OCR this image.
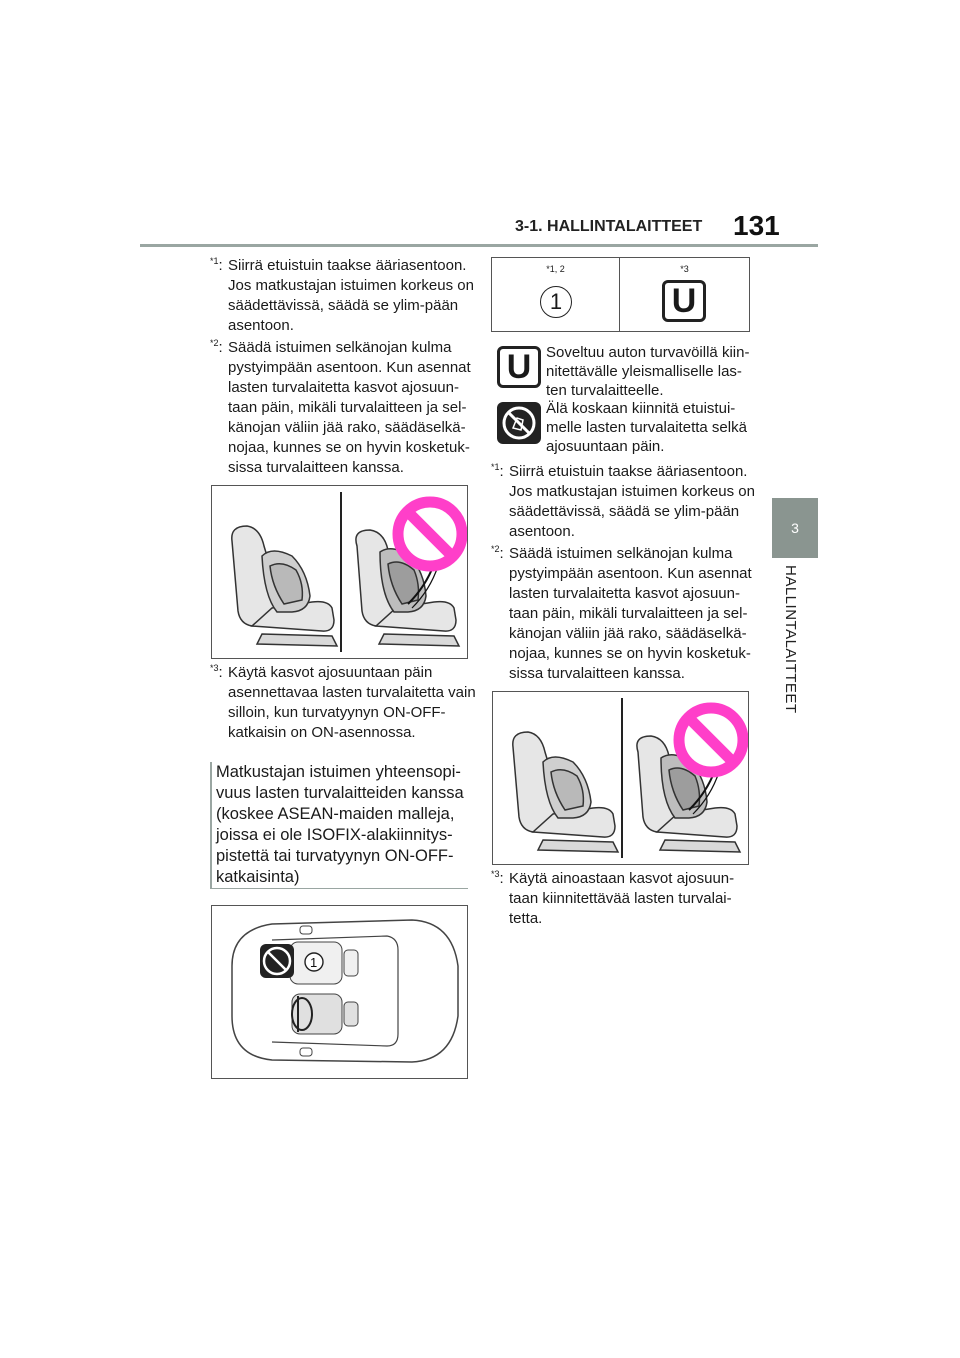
3-1. HALLINTALAITTEET 131
3
HALLINTALAITTEET
$^{*1}$: Siirrä etuistuin taakse ääriasentoon. Jos matkustajan istuimen korkeus on säädettävissä, säädä se ylim-pään asentoon.
$^{*2}$: Säädä istuimen selkänojan kulma pystyimpään asentoon. Kun asennat lasten turvalaitetta kasvot ajosuun-taan päin, mikäli turvalaitteen ja sel-känojan väliin jää rako, säädäselkä-nojaa, kunnes se on hyvin kosketuk-sissa turvalaitteen kanssa.
$^{*3}$: Käytä kasvot ajosuuntaan päin asennettavaa lasten turvalaitetta vain silloin, kun turvatyynyn ON-OFF-katkaisin on ON-asennossa.
Matkustajan istuimen yhteensopi-vuus lasten turvalaitteiden kanssa (koskee ASEAN-maiden malleja, joissa ei ole ISOFIX-alakiinnitys-pistettä tai turvatyynyn ON-OFF-katkaisinta)
1
*1, 2
1
*3
U
U Soveltuu auton turvavöillä kiin-nitettävälle yleismalliselle las-ten turvalaitteelle.
Älä koskaan kiinnitä etuistui-melle lasten turvalaitetta selkä ajosuuntaan päin.
$^{*1}$: Siirrä etuistuin taakse ääriasentoon. Jos matkustajan istuimen korkeus on säädettävissä, säädä se ylim-pään asentoon.
$^{*2}$: Säädä istuimen selkänojan kulma pystyimpään asentoon. Kun asennat lasten turvalaitetta kasvot ajosuun-taan päin, mikäli turvalaitteen ja sel-känojan väliin jää rako, säädäselkä-nojaa, kunnes se on hyvin kosketuk-sissa turvalaitteen kanssa.
$^{*3}$: Käytä ainoastaan kasvot ajosuun-taan kiinnitettävää lasten turvalai-tetta.
